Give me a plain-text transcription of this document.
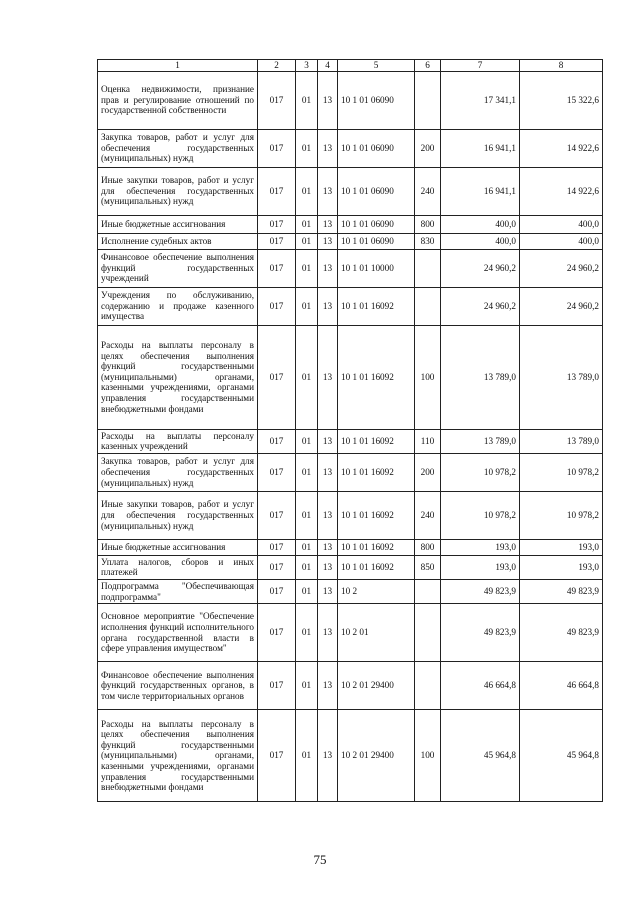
1	2	3	4	5	6	7	8
Оценка недвижимости, признание прав и регулирование отношений по государственной собственности	017	01	13	10 1 01 06090		17 341,1	15 322,6
Закупка товаров, работ и услуг для обеспечения государственных (муниципальных) нужд	017	01	13	10 1 01 06090	200	16 941,1	14 922,6
Иные закупки товаров, работ и услуг для обеспечения государственных (муниципальных) нужд	017	01	13	10 1 01 06090	240	16 941,1	14 922,6
Иные бюджетные ассигнования	017	01	13	10 1 01 06090	800	400,0	400,0
Исполнение судебных актов	017	01	13	10 1 01 06090	830	400,0	400,0
Финансовое обеспечение выполнения функций государственных учреждений	017	01	13	10 1 01 10000		24 960,2	24 960,2
Учреждения по обслуживанию, содержанию и продаже казенного имущества	017	01	13	10 1 01 16092		24 960,2	24 960,2
Расходы на выплаты персоналу в целях обеспечения выполнения функций государственными (муниципальными) органами, казенными учреждениями, органами управления государственными внебюджетными фондами	017	01	13	10 1 01 16092	100	13 789,0	13 789,0
Расходы на выплаты персоналу казенных учреждений	017	01	13	10 1 01 16092	110	13 789,0	13 789,0
Закупка товаров, работ и услуг для обеспечения государственных (муниципальных) нужд	017	01	13	10 1 01 16092	200	10 978,2	10 978,2
Иные закупки товаров, работ и услуг для обеспечения государственных (муниципальных) нужд	017	01	13	10 1 01 16092	240	10 978,2	10 978,2
Иные бюджетные ассигнования	017	01	13	10 1 01 16092	800	193,0	193,0
Уплата налогов, сборов и иных платежей	017	01	13	10 1 01 16092	850	193,0	193,0
Подпрограмма "Обеспечивающая подпрограмма"	017	01	13	10 2		49 823,9	49 823,9
Основное мероприятие "Обеспечение исполнения функций исполнительного органа государственной власти в сфере управления имуществом"	017	01	13	10 2 01		49 823,9	49 823,9
Финансовое обеспечение выполнения функций государственных органов, в том числе территориальных органов	017	01	13	10 2 01 29400		46 664,8	46 664,8
Расходы на выплаты персоналу в целях обеспечения выполнения функций государственными (муниципальными) органами, казенными учреждениями, органами управления государственными внебюджетными фондами	017	01	13	10 2 01 29400	100	45 964,8	45 964,8
75
